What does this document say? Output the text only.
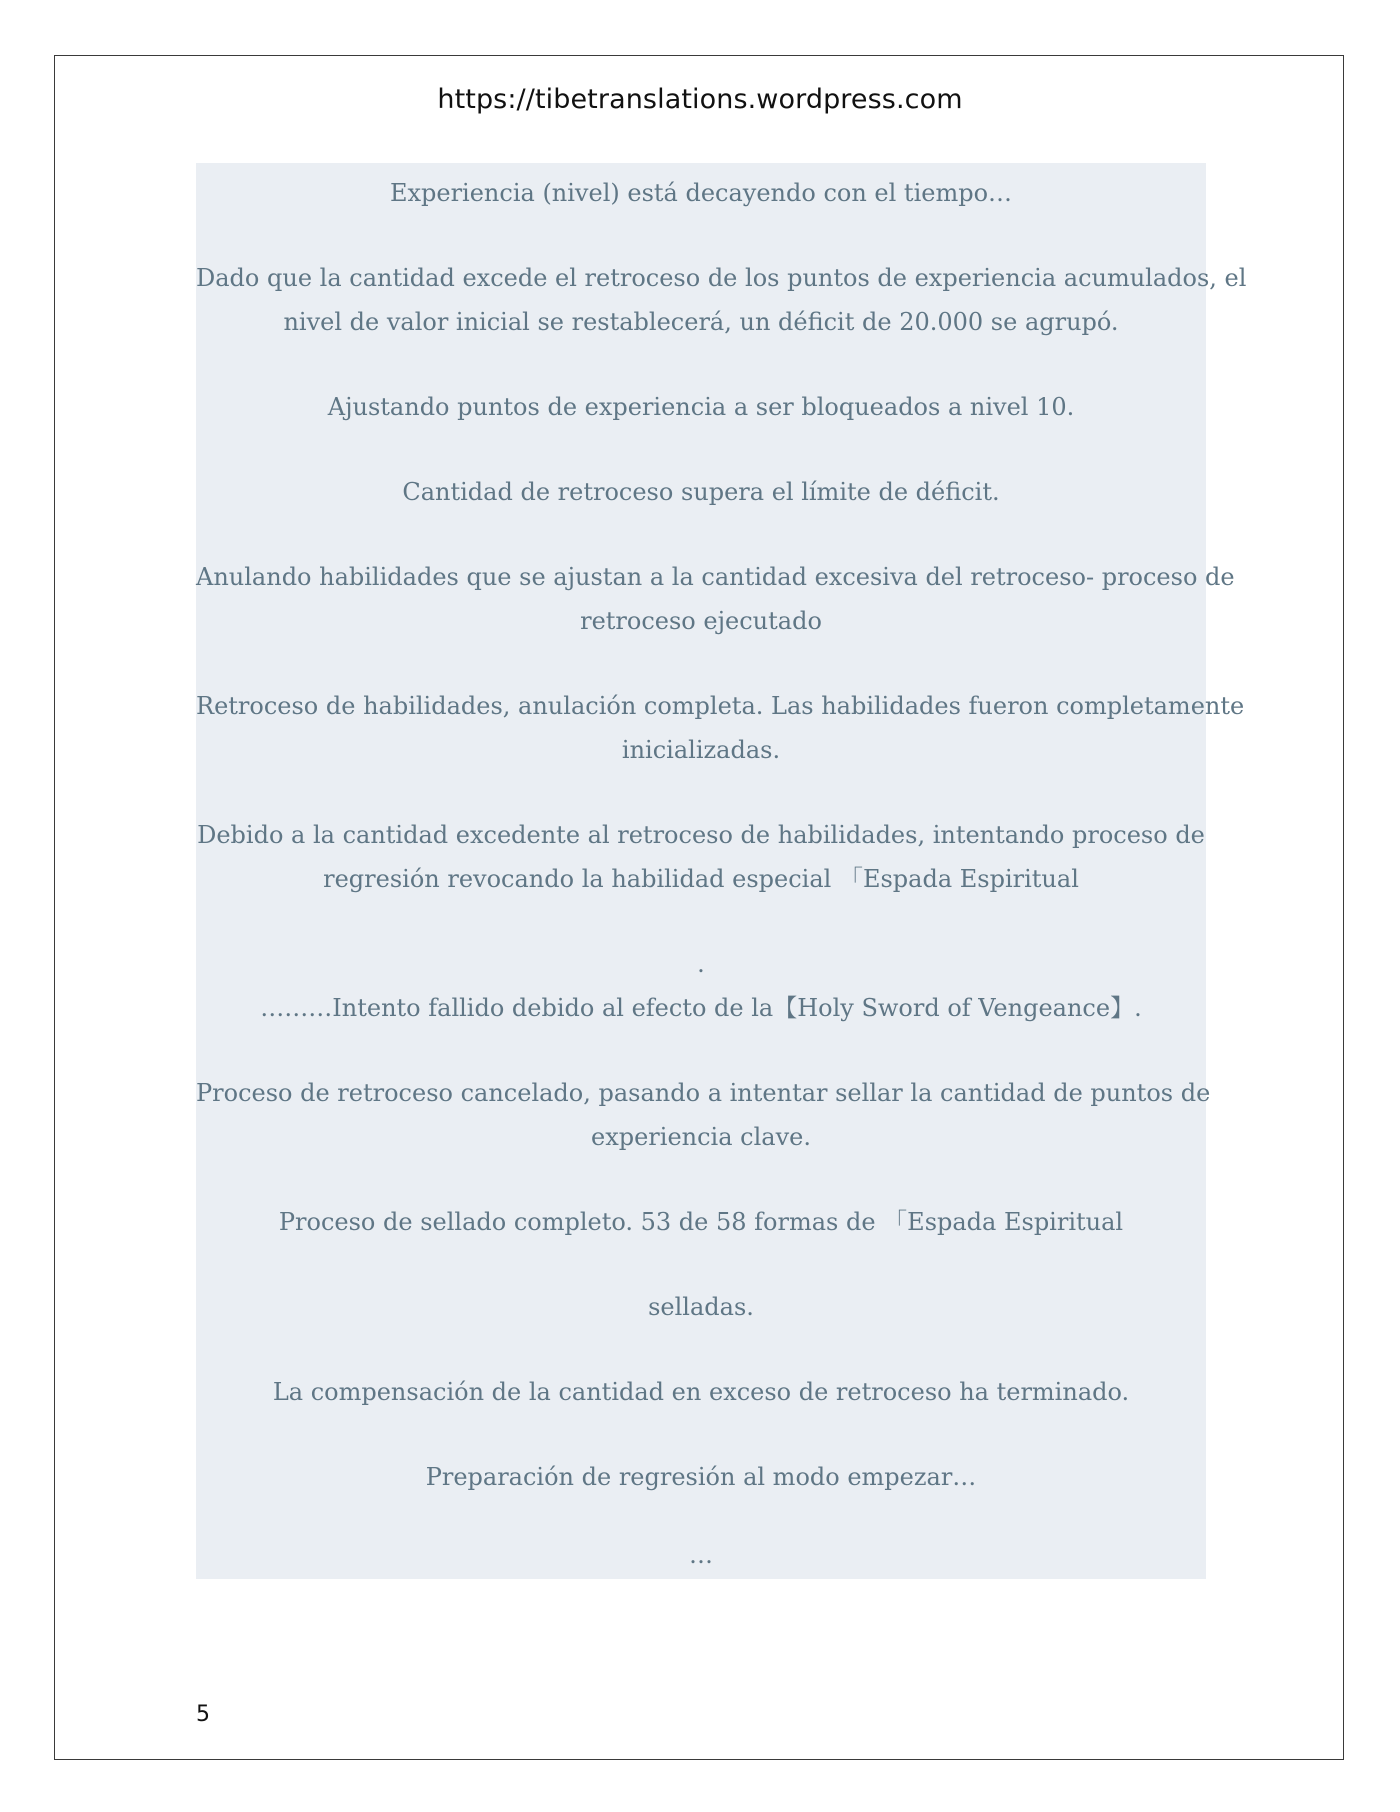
https://tibetranslations.wordpress.com
Experiencia (nivel) está decayendo con el tiempo…
Dado que la cantidad excede el retroceso de los puntos de experiencia acumulados, el
nivel de valor inicial se restablecerá, un déficit de 20.000 se agrupó.
Ajustando puntos de experiencia a ser bloqueados a nivel 10.
Cantidad de retroceso supera el límite de déficit.
Anulando habilidades que se ajustan a la cantidad excesiva del retroceso- proceso de
retroceso ejecutado
Retroceso de habilidades, anulación completa. Las habilidades fueron completamente
inicializadas.
Debido a la cantidad excedente al retroceso de habilidades, intentando proceso de
regresión revocando la habilidad especial 「Espada Espiritual
.
………Intento fallido debido al efecto de la【Holy Sword of Vengeance】.
Proceso de retroceso cancelado, pasando a intentar sellar la cantidad de puntos de
experiencia clave.
Proceso de sellado completo. 53 de 58 formas de 「Espada Espiritual
selladas.
La compensación de la cantidad en exceso de retroceso ha terminado.
Preparación de regresión al modo empezar…
…
5
